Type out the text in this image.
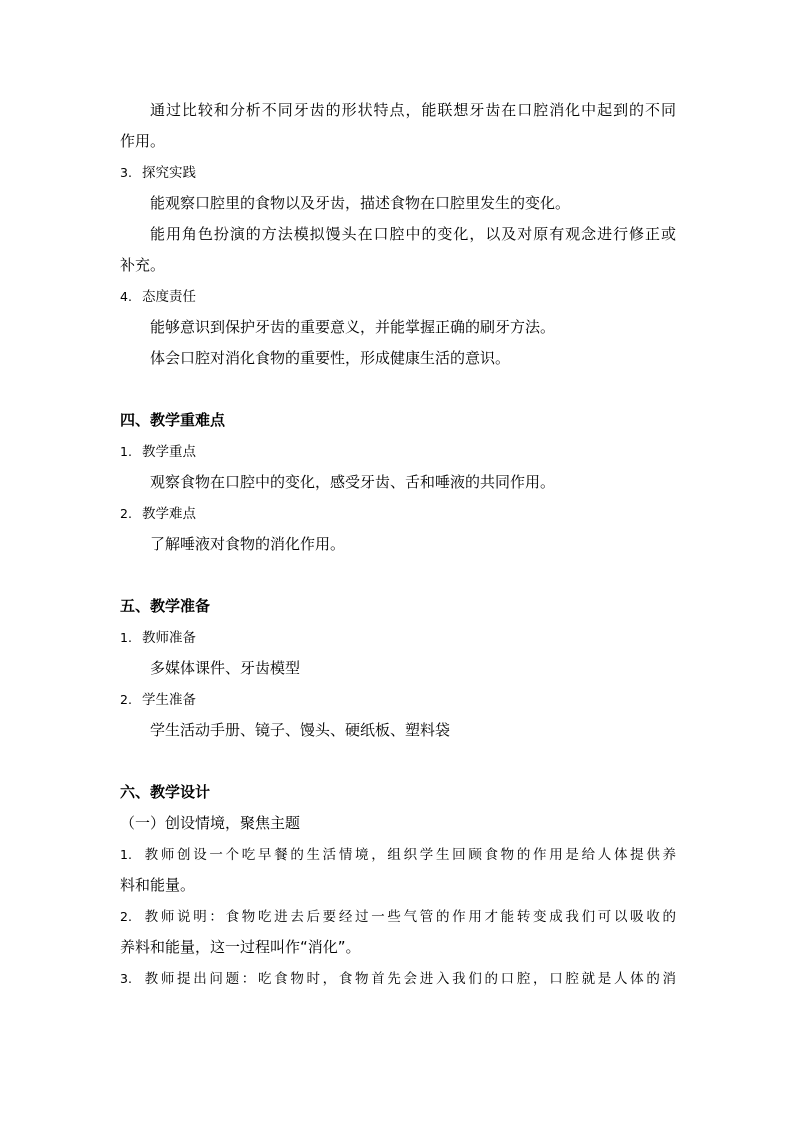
通过比较和分析不同牙齿的形状特点，能联想牙齿在口腔消化中起到的不同
作用。
3. 探究实践
能观察口腔里的食物以及牙齿，描述食物在口腔里发生的变化。
能用角色扮演的方法模拟馒头在口腔中的变化，以及对原有观念进行修正或
补充。
4. 态度责任
能够意识到保护牙齿的重要意义，并能掌握正确的刷牙方法。
体会口腔对消化食物的重要性，形成健康生活的意识。
四、教学重难点
1. 教学重点
观察食物在口腔中的变化，感受牙齿、舌和唾液的共同作用。
2. 教学难点
了解唾液对食物的消化作用。
五、教学准备
1. 教师准备
多媒体课件、牙齿模型
2. 学生准备
学生活动手册、镜子、馒头、硬纸板、塑料袋
六、教学设计
（一）创设情境，聚焦主题
1. 教师创设一个吃早餐的生活情境，组织学生回顾食物的作用是给人体提供养
料和能量。
2. 教师说明：食物吃进去后要经过一些气管的作用才能转变成我们可以吸收的
养料和能量，这一过程叫作“消化”。
3. 教师提出问题：吃食物时，食物首先会进入我们的口腔，口腔就是人体的消
